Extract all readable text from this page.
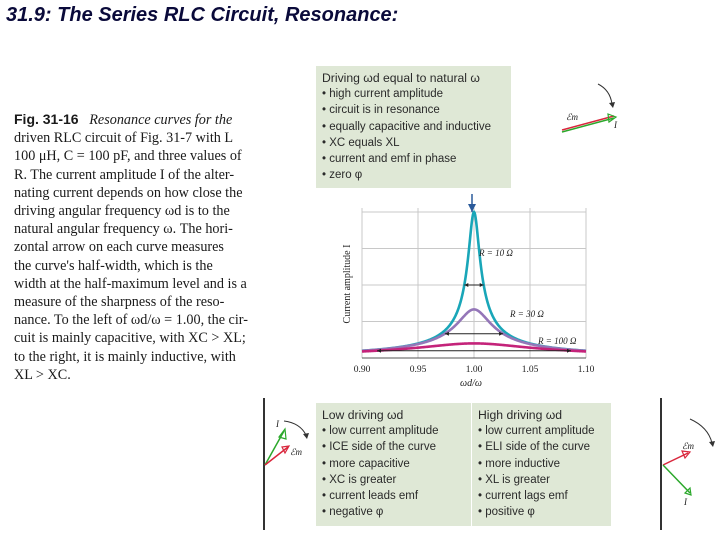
31.9: The Series RLC Circuit, Resonance:
Fig. 31-16 Resonance curves for the
driven RLC circuit of Fig. 31-7 with L
100 μH, C = 100 pF, and three values of
R. The current amplitude I of the alter-
nating current depends on how close the
driving angular frequency ωd is to the
natural angular frequency ω. The hori-
zontal arrow on each curve measures
the curve's half-width, which is the
width at the half-maximum level and is a
measure of the sharpness of the reso-
nance. To the left of ωd/ω = 1.00, the cir-
cuit is mainly capacitive, with XC > XL;
to the right, it is mainly inductive, with
XL > XC.
Driving ωd equal to natural ω
• high current amplitude
• circuit is in resonance
• equally capacitive and inductive
• XC equals XL
• current and emf in phase
• zero φ
Low driving ωd
• low current amplitude
• ICE side of the curve
• more capacitive
• XC is greater
• current leads emf
• negative φ
High driving ωd
• low current amplitude
• ELI side of the curve
• more inductive
• XL is greater
• current lags emf
• positive φ
R = 10 Ω
R = 30 Ω
R = 100 Ω
0.90	0.95	1.00	1.05	1.10
ωd/ω
Current amplitude I
ℰm
I
I
ℰm
ℰm
I
